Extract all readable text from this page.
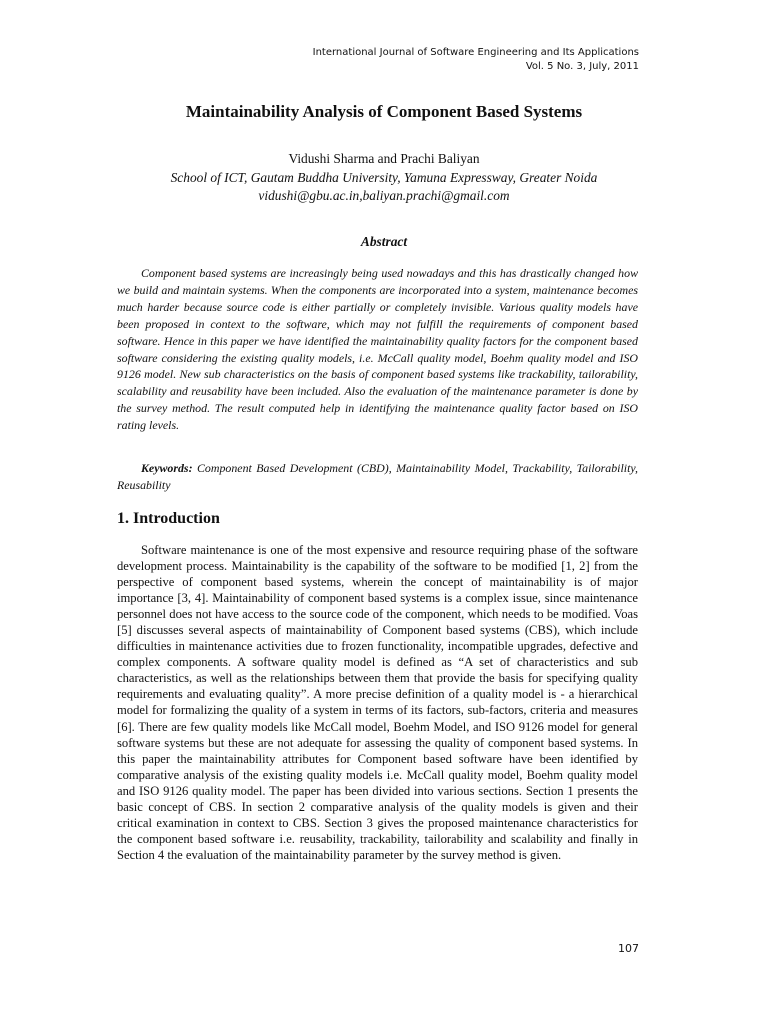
International Journal of Software Engineering and Its Applications
Vol. 5 No. 3, July, 2011
Maintainability Analysis of Component Based Systems
Vidushi Sharma and Prachi Baliyan
School of ICT, Gautam Buddha University, Yamuna Expressway, Greater Noida
vidushi@gbu.ac.in,baliyan.prachi@gmail.com
Abstract

Component based systems are increasingly being used nowadays and this has drastically changed how we build and maintain systems. When the components are incorporated into a system, maintenance becomes much harder because source code is either partially or completely invisible. Various quality models have been proposed in context to the software, which may not fulfill the requirements of component based software. Hence in this paper we have identified the maintainability quality factors for the component based software considering the existing quality models, i.e. McCall quality model, Boehm quality model and ISO 9126 model. New sub characteristics on the basis of component based systems like trackability, tailorability, scalability and reusability have been included. Also the evaluation of the maintenance parameter is done by the survey method. The result computed help in identifying the maintenance quality factor based on ISO rating levels.

Keywords: Component Based Development (CBD), Maintainability Model, Trackability, Tailorability, Reusability

1. Introduction

Software maintenance is one of the most expensive and resource requiring phase of the software development process. Maintainability is the capability of the software to be modified [1, 2] from the perspective of component based systems, wherein the concept of maintainability is of major importance [3, 4]. Maintainability of component based systems is a complex issue, since maintenance personnel does not have access to the source code of the component, which needs to be modified. Voas [5] discusses several aspects of maintainability of Component based systems (CBS), which include difficulties in maintenance activities due to frozen functionality, incompatible upgrades, defective and complex components. A software quality model is defined as “A set of characteristics and sub characteristics, as well as the relationships between them that provide the basis for specifying quality requirements and evaluating quality”. A more precise definition of a quality model is - a hierarchical model for formalizing the quality of a system in terms of its factors, sub-factors, criteria and measures [6]. There are few quality models like McCall model, Boehm Model, and ISO 9126 model for general software systems but these are not adequate for assessing the quality of component based systems. In this paper the maintainability attributes for Component based software have been identified by comparative analysis of the existing quality models i.e. McCall quality model, Boehm quality model and ISO 9126 quality model. The paper has been divided into various sections. Section 1 presents the basic concept of CBS. In section 2 comparative analysis of the quality models is given and their critical examination in context to CBS. Section 3 gives the proposed maintenance characteristics for the component based software i.e. reusability, trackability, tailorability and scalability and finally in Section 4 the evaluation of the maintainability parameter by the survey method is given.

107
